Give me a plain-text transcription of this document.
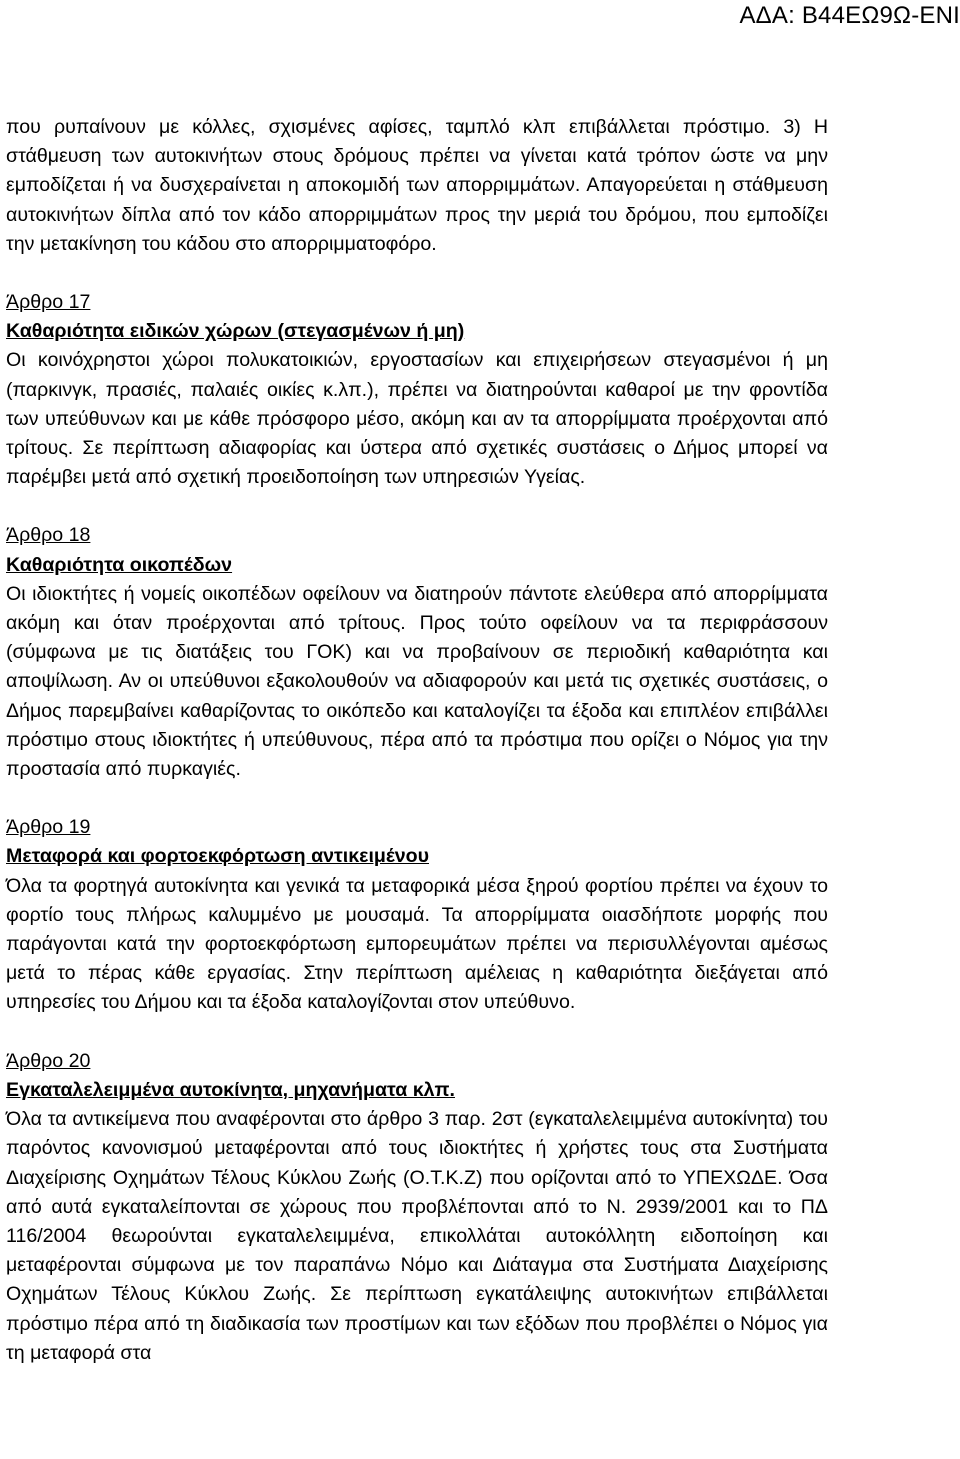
ΑΔΑ: Β44ΕΩ9Ω-ΕΝΙ

που ρυπαίνουν με κόλλες, σχισμένες αφίσες, ταμπλό κλπ επιβάλλεται πρόστιμο. 3) Η στάθμευση των αυτοκινήτων στους δρόμους πρέπει να γίνεται κατά τρόπον ώστε να μην εμποδίζεται ή να δυσχεραίνεται η αποκομιδή των απορριμμάτων. Απαγορεύεται η στάθμευση αυτοκινήτων δίπλα από τον κάδο απορριμμάτων προς την μεριά του δρόμου, που εμποδίζει την μετακίνηση του κάδου στο απορριμματοφόρο.

Άρθρο 17
Καθαριότητα ειδικών χώρων (στεγασμένων ή μη)

Οι κοινόχρηστοι χώροι πολυκατοικιών, εργοστασίων και επιχειρήσεων στεγασμένοι ή μη (παρκινγκ, πρασιές, παλαιές οικίες κ.λπ.), πρέπει να διατηρούνται καθαροί με την φροντίδα των υπεύθυνων και με κάθε πρόσφορο μέσο, ακόμη και αν τα απορρίμματα προέρχονται από τρίτους. Σε περίπτωση αδιαφορίας και ύστερα από σχετικές συστάσεις ο Δήμος μπορεί να παρέμβει μετά από σχετική προειδοποίηση των υπηρεσιών Υγείας.

Άρθρο 18
Καθαριότητα οικοπέδων

Οι ιδιοκτήτες ή νομείς οικοπέδων οφείλουν να διατηρούν πάντοτε ελεύθερα από απορρίμματα ακόμη και όταν προέρχονται από τρίτους. Προς τούτο οφείλουν να τα περιφράσσουν (σύμφωνα με τις διατάξεις του ΓΟΚ) και να προβαίνουν σε περιοδική καθαριότητα και αποψίλωση. Αν οι υπεύθυνοι εξακολουθούν να αδιαφορούν και μετά τις σχετικές συστάσεις, ο Δήμος παρεμβαίνει καθαρίζοντας το οικόπεδο και καταλογίζει τα έξοδα και επιπλέον επιβάλλει πρόστιμο στους ιδιοκτήτες ή υπεύθυνους, πέρα από τα πρόστιμα που ορίζει ο Νόμος για την προστασία από πυρκαγιές.

Άρθρο 19
Μεταφορά και φορτοεκφόρτωση αντικειμένου

Όλα τα φορτηγά αυτοκίνητα και γενικά τα μεταφορικά μέσα ξηρού φορτίου πρέπει να έχουν το φορτίο τους πλήρως καλυμμένο με μουσαμά. Τα απορρίμματα οιασδήποτε μορφής που παράγονται κατά την φορτοεκφόρτωση εμπορευμάτων πρέπει να περισυλλέγονται αμέσως μετά το πέρας κάθε εργασίας. Στην περίπτωση αμέλειας η καθαριότητα διεξάγεται από υπηρεσίες του Δήμου και τα έξοδα καταλογίζονται στον υπεύθυνο.

Άρθρο 20
Εγκαταλελειμμένα αυτοκίνητα, μηχανήματα κλπ.

Όλα τα αντικείμενα που αναφέρονται στο άρθρο 3 παρ. 2στ (εγκαταλελειμμένα αυτοκίνητα) του παρόντος κανονισμού μεταφέρονται από τους ιδιοκτήτες ή χρήστες τους στα Συστήματα Διαχείρισης Οχημάτων Τέλους Κύκλου Ζωής (Ο.Τ.Κ.Ζ) που ορίζονται από το ΥΠΕΧΩΔΕ. Όσα από αυτά εγκαταλείπονται σε χώρους που προβλέπονται από το Ν. 2939/2001 και το ΠΔ 116/2004 θεωρούνται εγκαταλελειμμένα, επικολλάται αυτοκόλλητη ειδοποίηση και μεταφέρονται σύμφωνα με τον παραπάνω Νόμο και Διάταγμα στα Συστήματα Διαχείρισης Οχημάτων Τέλους Κύκλου Ζωής. Σε περίπτωση εγκατάλειψης αυτοκινήτων επιβάλλεται πρόστιμο πέρα από τη διαδικασία των προστίμων και των εξόδων που προβλέπει ο Νόμος για τη μεταφορά στα
